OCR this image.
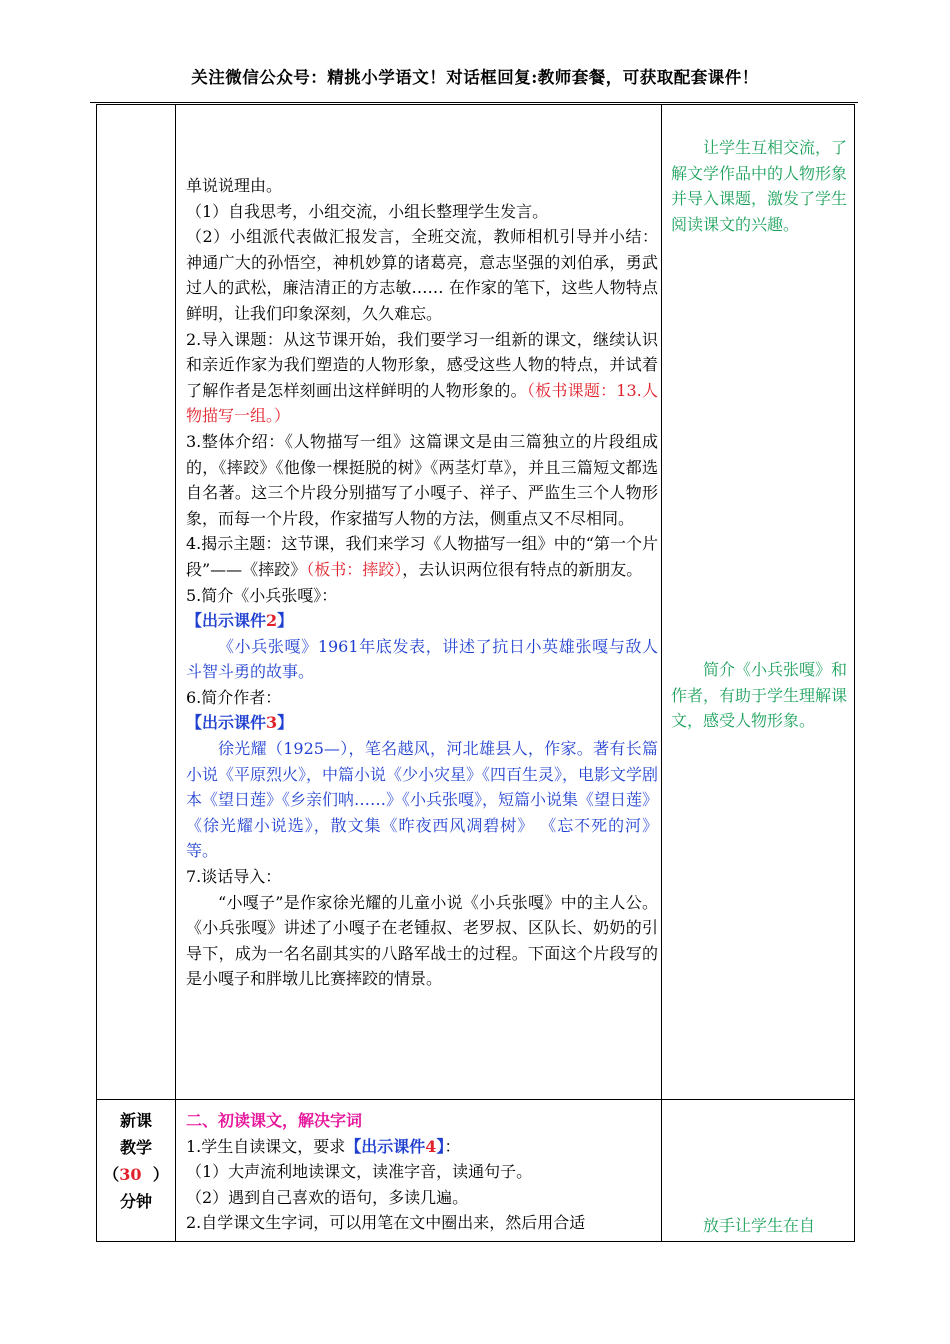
关注微信公众号：精挑小学语文！对话框回复:教师套餐，可获取配套课件！

单说说理由。

（1）自我思考，小组交流，小组长整理学生发言。

（2）小组派代表做汇报发言，全班交流，教师相机引导并小结：神通广大的孙悟空，神机妙算的诸葛亮，意志坚强的刘伯承，勇武过人的武松，廉洁清正的方志敏…… 在作家的笔下，这些人物特点鲜明，让我们印象深刻，久久难忘。

2.导入课题：从这节课开始，我们要学习一组新的课文，继续认识和亲近作家为我们塑造的人物形象，感受这些人物的特点，并试着了解作者是怎样刻画出这样鲜明的人物形象的。（板书课题：13.人物描写一组。）

3.整体介绍：《人物描写一组》这篇课文是由三篇独立的片段组成的，《摔跤》《他像一棵挺脱的树》《两茎灯草》，并且三篇短文都选自名著。这三个片段分别描写了小嘎子、祥子、严监生三个人物形象，而每一个片段，作家描写人物的方法，侧重点又不尽相同。

4.揭示主题：这节课，我们来学习《人物描写一组》中的“第一个片段”——《摔跤》（板书：摔跤），去认识两位很有特点的新朋友。

5.简介《小兵张嘎》：

【出示课件2】

《小兵张嘎》1961年底发表，讲述了抗日小英雄张嘎与敌人斗智斗勇的故事。

6.简介作者：

【出示课件3】

徐光耀（1925—），笔名越风，河北雄县人，作家。著有长篇小说《平原烈火》，中篇小说《少小灾星》《四百生灵》，电影文学剧本《望日莲》《乡亲们呐……》《小兵张嘎》，短篇小说集《望日莲》《徐光耀小说选》，散文集《昨夜西风凋碧树》 《忘不死的河》 等。

7.谈话导入：

“小嘎子”是作家徐光耀的儿童小说《小兵张嘎》中的主人公。《小兵张嘎》讲述了小嘎子在老锺叔、老罗叔、区队长、奶奶的引导下，成为一名名副其实的八路军战士的过程。下面这个片段写的是小嘎子和胖墩儿比赛摔跤的情景。

让学生互相交流，了解文学作品中的人物形象并导入课题，激发了学生阅读课文的兴趣。

简介《小兵张嘎》和作者，有助于学生理解课文，感受人物形象。

新课
教学
（30 ）
分钟

二、初读课文，解决字词

1.学生自读课文，要求【出示课件4】：

（1）大声流利地读课文，读准字音，读通句子。

（2）遇到自己喜欢的语句，多读几遍。

2.自学课文生字词，可以用笔在文中圈出来，然后用合适	放手让学生在自
